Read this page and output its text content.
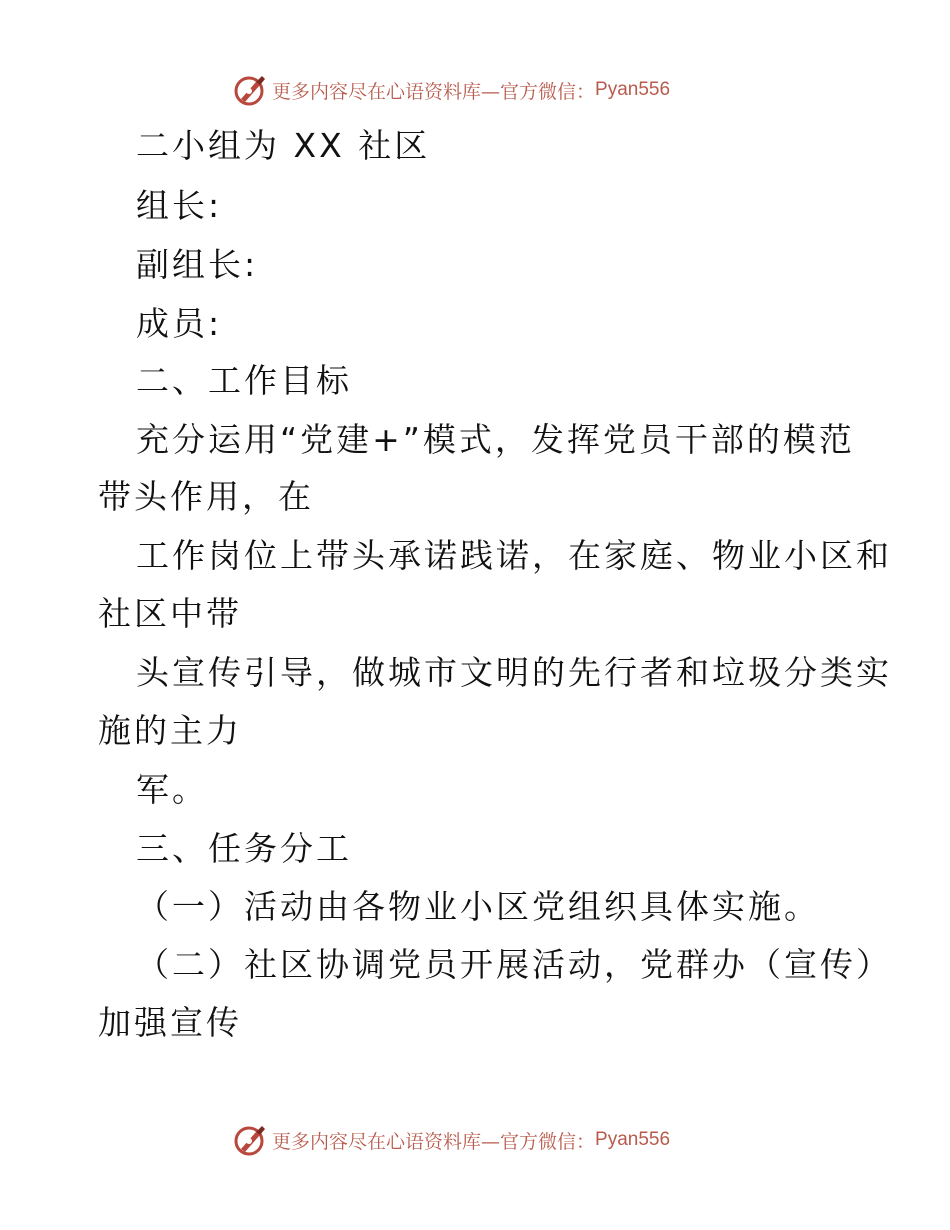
更多内容尽在心语资料库—官方微信： Pyan556
二小组为 XX 社区
组长:
副组长:
成员:
二、工作目标
充分运用“党建+”模式，发挥党员干部的模范
带头作用，在
工作岗位上带头承诺践诺，在家庭、物业小区和
社区中带
头宣传引导，做城市文明的先行者和垃圾分类实
施的主力
军。
三、任务分工
（一）活动由各物业小区党组织具体实施。
（二）社区协调党员开展活动，党群办（宣传）
加强宣传
更多内容尽在心语资料库—官方微信： Pyan556
